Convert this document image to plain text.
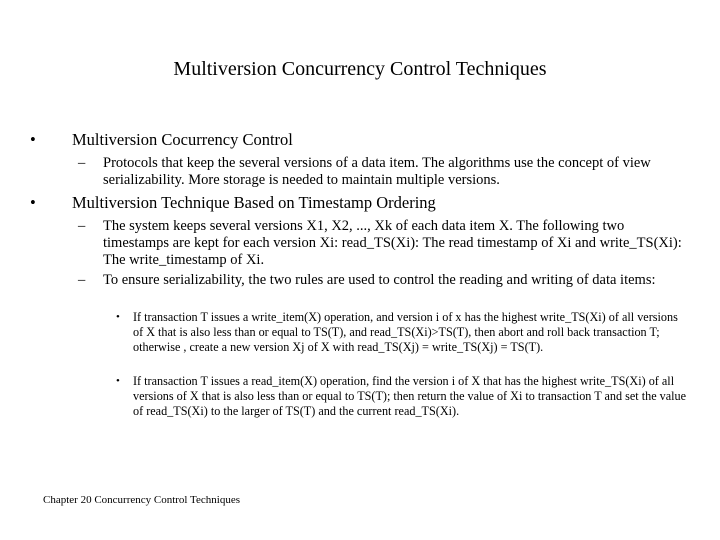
Multiversion Concurrency Control Techniques
• Multiversion Cocurrency Control
– Protocols that keep the several versions of a data item. The algorithms use the concept of view serializability. More storage is needed to maintain multiple versions.
• Multiversion Technique Based on Timestamp Ordering
– The system keeps several versions X1, X2, ..., Xk of each data item X. The following two timestamps are kept for each version Xi: read_TS(Xi): The read timestamp of Xi and write_TS(Xi): The write_timestamp of Xi.
– To ensure serializability, the two rules are used to control the reading and writing of data items:
• If transaction T issues a write_item(X) operation, and version i of x has the highest write_TS(Xi) of all versions of X that is also less than or equal to TS(T), and read_TS(Xi)>TS(T), then abort and roll back transaction T; otherwise , create a new version Xj of X with read_TS(Xj) = write_TS(Xj) = TS(T).
• If transaction T issues a read_item(X) operation, find the version i of X that has the highest write_TS(Xi) of all versions of X that is also less than or equal to TS(T); then return the value of Xi to transaction T and set the value of read_TS(Xi) to the larger of TS(T) and the current read_TS(Xi).
Chapter 20 Concurrency Control Techniques
